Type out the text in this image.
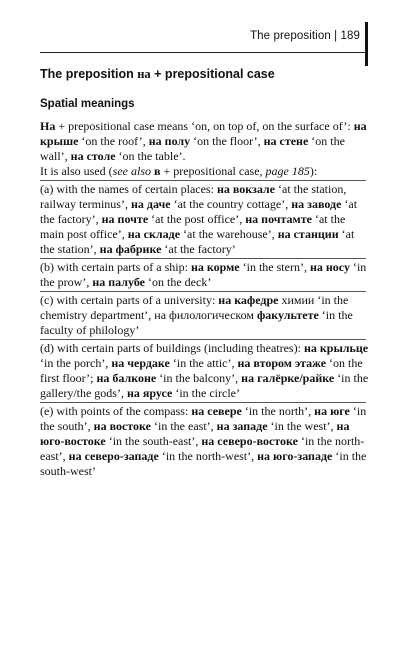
The preposition | 189
The preposition на + prepositional case
Spatial meanings

На + prepositional case means ‘on, on top of, on the surface of’: на крыше ‘on the roof’, на полу ‘on the floor’, на стене ‘on the wall’, на столе ‘on the table’.

It is also used (see also в + prepositional case, page 185):

(a) with the names of certain places: на вокзале ‘at the station, railway terminus’, на даче ‘at the country cottage’, на заводе ‘at the factory’, на почте ‘at the post office’, на почтамте ‘at the main post office’, на складе ‘at the warehouse’, на станции ‘at the station’, на фабрике ‘at the factory’

(b) with certain parts of a ship: на корме ‘in the stern’, на носу ‘in the prow’, на палубе ‘on the deck’

(c) with certain parts of a university: на кафедре химии ‘in the chemistry department’, на филологическом факультете ‘in the faculty of philology’

(d) with certain parts of buildings (including theatres): на крыльце ‘in the porch’, на чердаке ‘in the attic’, на втором этаже ‘on the first floor’; на балконе ‘in the balcony’, на галёрке/райке ‘in the gallery/the gods’, на ярусе ‘in the circle’

(e) with points of the compass: на севере ‘in the north’, на юге ‘in the south’, на востоке ‘in the east’, на западе ‘in the west’, на юго-востоке ‘in the south-east’, на северо-востоке ‘in the north-east’, на северо-западе ‘in the north-west’, на юго-западе ‘in the south-west’
